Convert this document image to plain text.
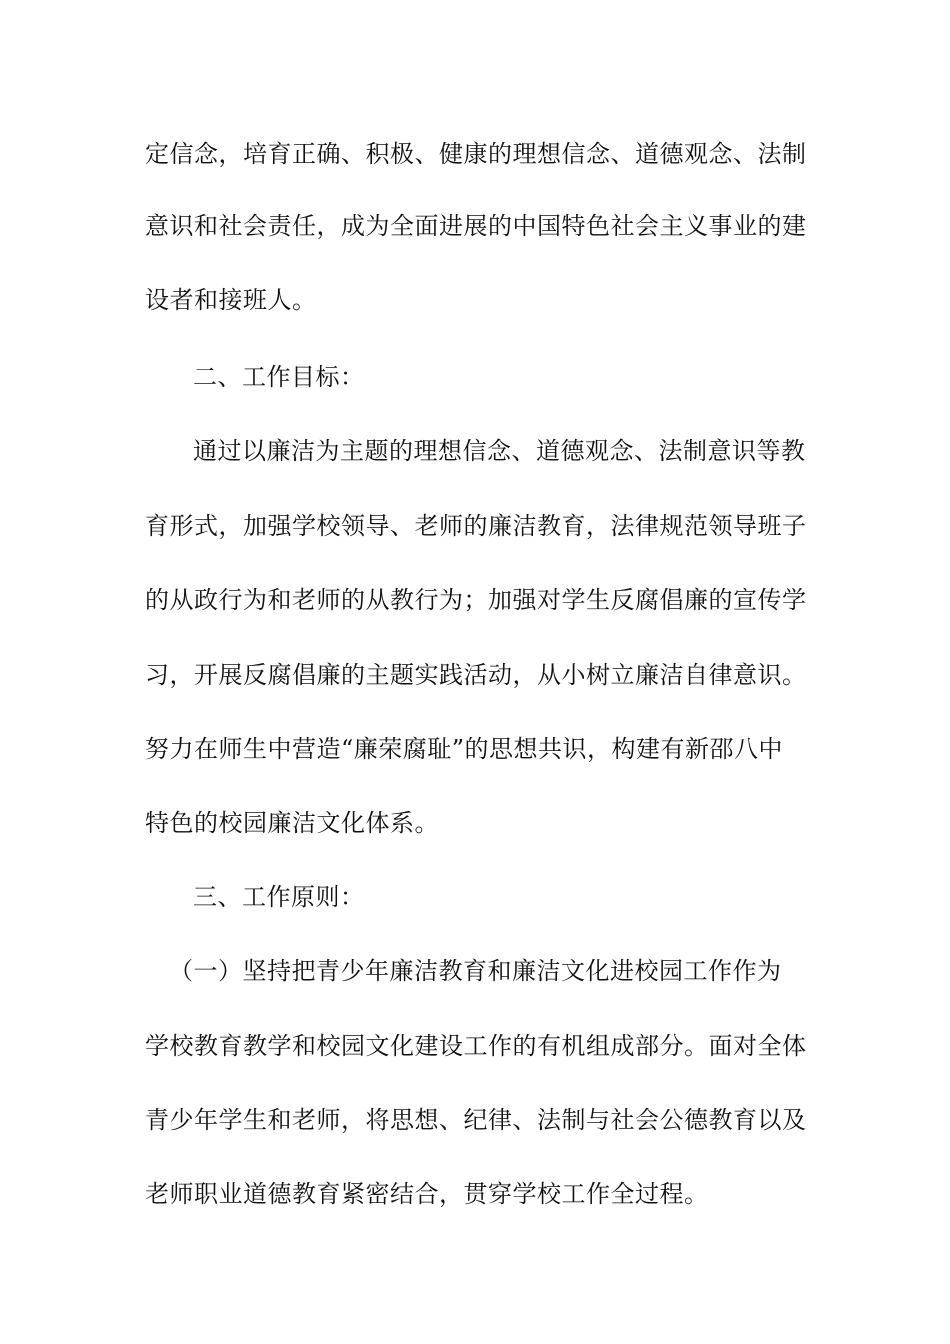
定信念，培育正确、积极、健康的理想信念、道德观念、法制
意识和社会责任，成为全面进展的中国特色社会主义事业的建
设者和接班人。
二、工作目标：
通过以廉洁为主题的理想信念、道德观念、法制意识等教
育形式，加强学校领导、老师的廉洁教育，法律规范领导班子
的从政行为和老师的从教行为；加强对学生反腐倡廉的宣传学
习，开展反腐倡廉的主题实践活动，从小树立廉洁自律意识。
努力在师生中营造“廉荣腐耻”的思想共识，构建有新邵八中
特色的校园廉洁文化体系。
三、工作原则：
（一）坚持把青少年廉洁教育和廉洁文化进校园工作作为
学校教育教学和校园文化建设工作的有机组成部分。面对全体
青少年学生和老师，将思想、纪律、法制与社会公德教育以及
老师职业道德教育紧密结合，贯穿学校工作全过程。
